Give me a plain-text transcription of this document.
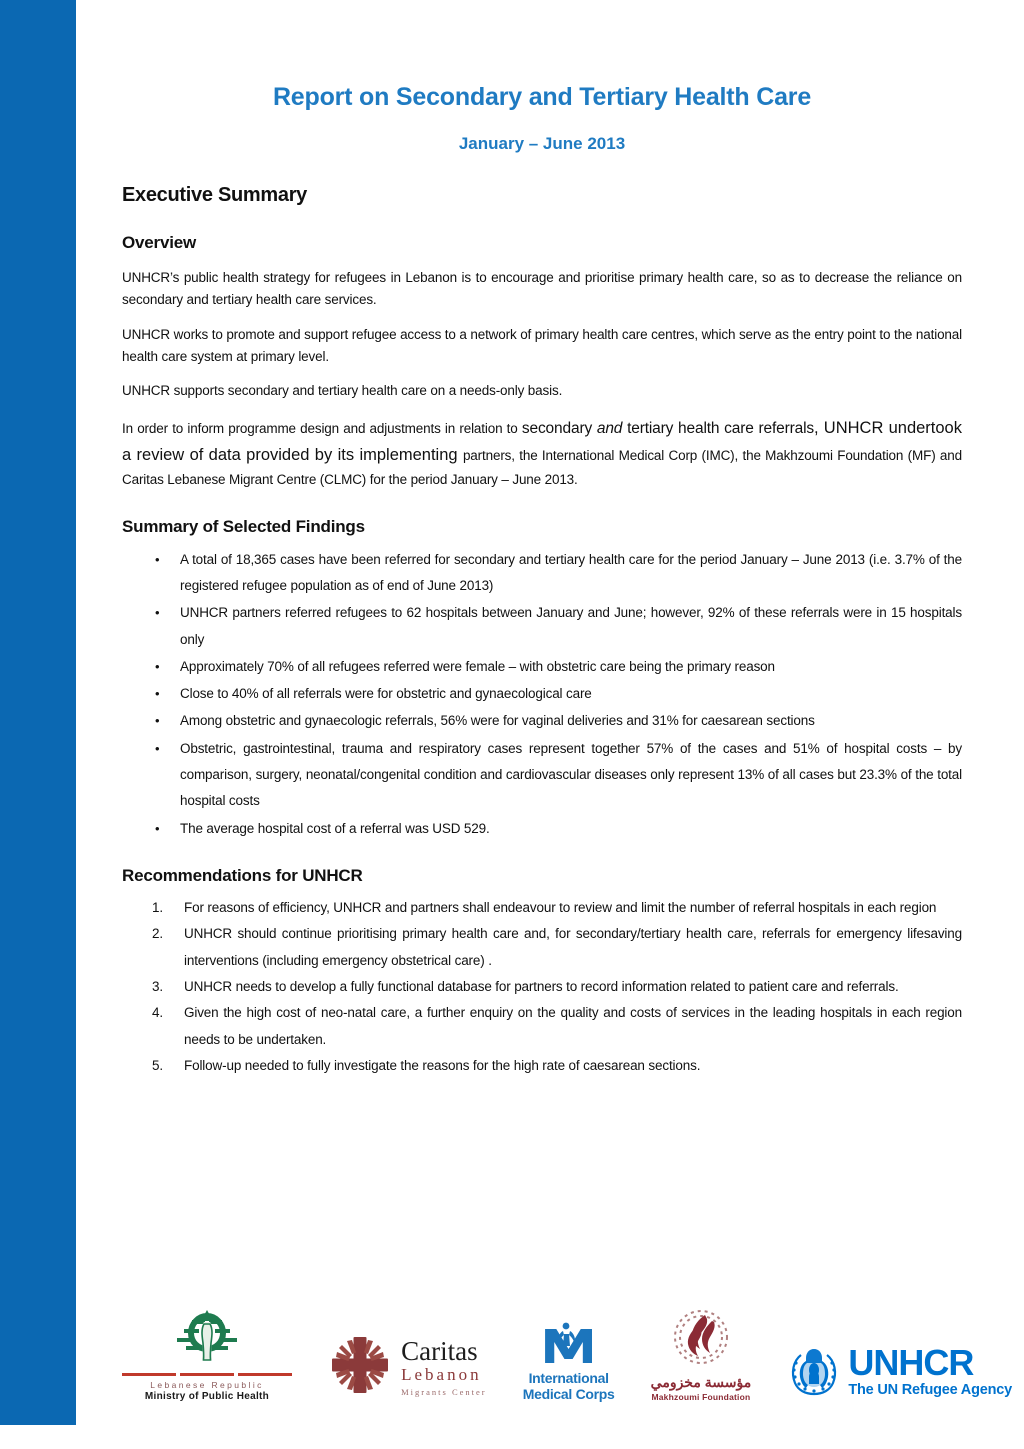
Report on Secondary and Tertiary Health Care
January – June 2013
Executive Summary
Overview

UNHCR’s public health strategy for refugees in Lebanon is to encourage and prioritise primary health care, so as to decrease the reliance on secondary and tertiary health care services.

UNHCR works to promote and support refugee access to a network of primary health care centres, which serve as the entry point to the national health care system at primary level.

UNHCR supports secondary and tertiary health care on a needs-only basis.

In order to inform programme design and adjustments in relation to secondary and tertiary health care referrals, UNHCR undertook a review of data provided by its implementing partners, the International Medical Corp (IMC), the Makhzoumi Foundation (MF) and Caritas Lebanese Migrant Centre (CLMC) for the period January – June 2013.

Summary of Selected Findings
• A total of 18,365 cases have been referred for secondary and tertiary health care for the period January – June 2013 (i.e. 3.7% of the registered refugee population as of end of June 2013)
• UNHCR partners referred refugees to 62 hospitals between January and June; however, 92% of these referrals were in 15 hospitals only
• Approximately 70% of all refugees referred were female – with obstetric care being the primary reason
• Close to 40% of all referrals were for obstetric and gynaecological care
• Among obstetric and gynaecologic referrals, 56% were for vaginal deliveries and 31% for caesarean sections
• Obstetric, gastrointestinal, trauma and respiratory cases represent together 57% of the cases and 51% of hospital costs – by comparison, surgery, neonatal/congenital condition and cardiovascular diseases only represent 13% of all cases but 23.3% of the total hospital costs
• The average hospital cost of a referral was USD 529.
Recommendations for UNHCR
1. For reasons of efficiency, UNHCR and partners shall endeavour to review and limit the number of referral hospitals in each region
2. UNHCR should continue prioritising primary health care and, for secondary/tertiary health care, referrals for emergency lifesaving interventions (including emergency obstetrical care) .
3. UNHCR needs to develop a fully functional database for partners to record information related to patient care and referrals.
4. Given the high cost of neo-natal care, a further enquiry on the quality and costs of services in the leading hospitals in each region needs to be undertaken.
5. Follow-up needed to fully investigate the reasons for the high rate of caesarean sections.
Lebanese Republic
Ministry of Public Health
Caritas
Lebanon
Migrants Center
International
Medical Corps
مؤسسة مخزومي
Makhzoumi Foundation
UNHCR
The UN Refugee Agency
